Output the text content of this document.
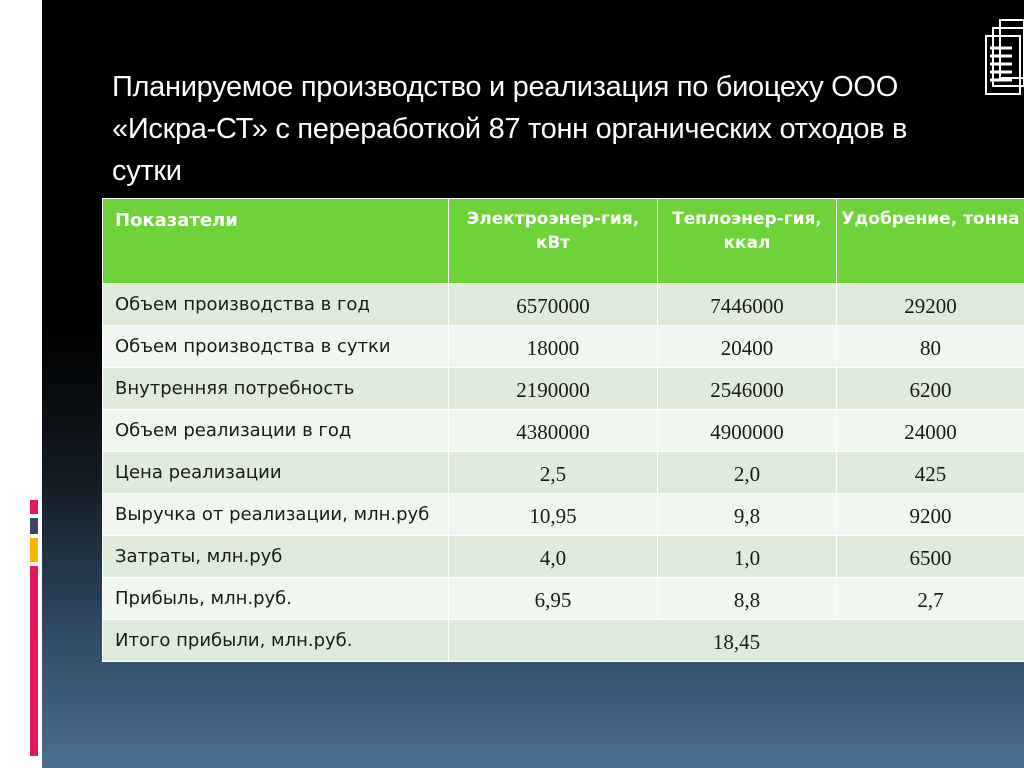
Планируемое производство и реализация по биоцеху ООО «Искра-СТ» с переработкой 87 тонн органических отходов в сутки
Показатели	Электроэнер-гия, кВт	Теплоэнер-гия, ккал	Удобрение, тонна
Объем производства в год	6570000	7446000	29200
Объем производства в сутки	18000	20400	80
Внутренняя потребность	2190000	2546000	6200
Объем реализации в год	4380000	4900000	24000
Цена реализации	2,5	2,0	425
Выручка от реализации, млн.руб	10,95	9,8	9200
Затраты, млн.руб	4,0	1,0	6500
Прибыль, млн.руб.	6,95	8,8	2,7
Итого прибыли, млн.руб.	18,45		
